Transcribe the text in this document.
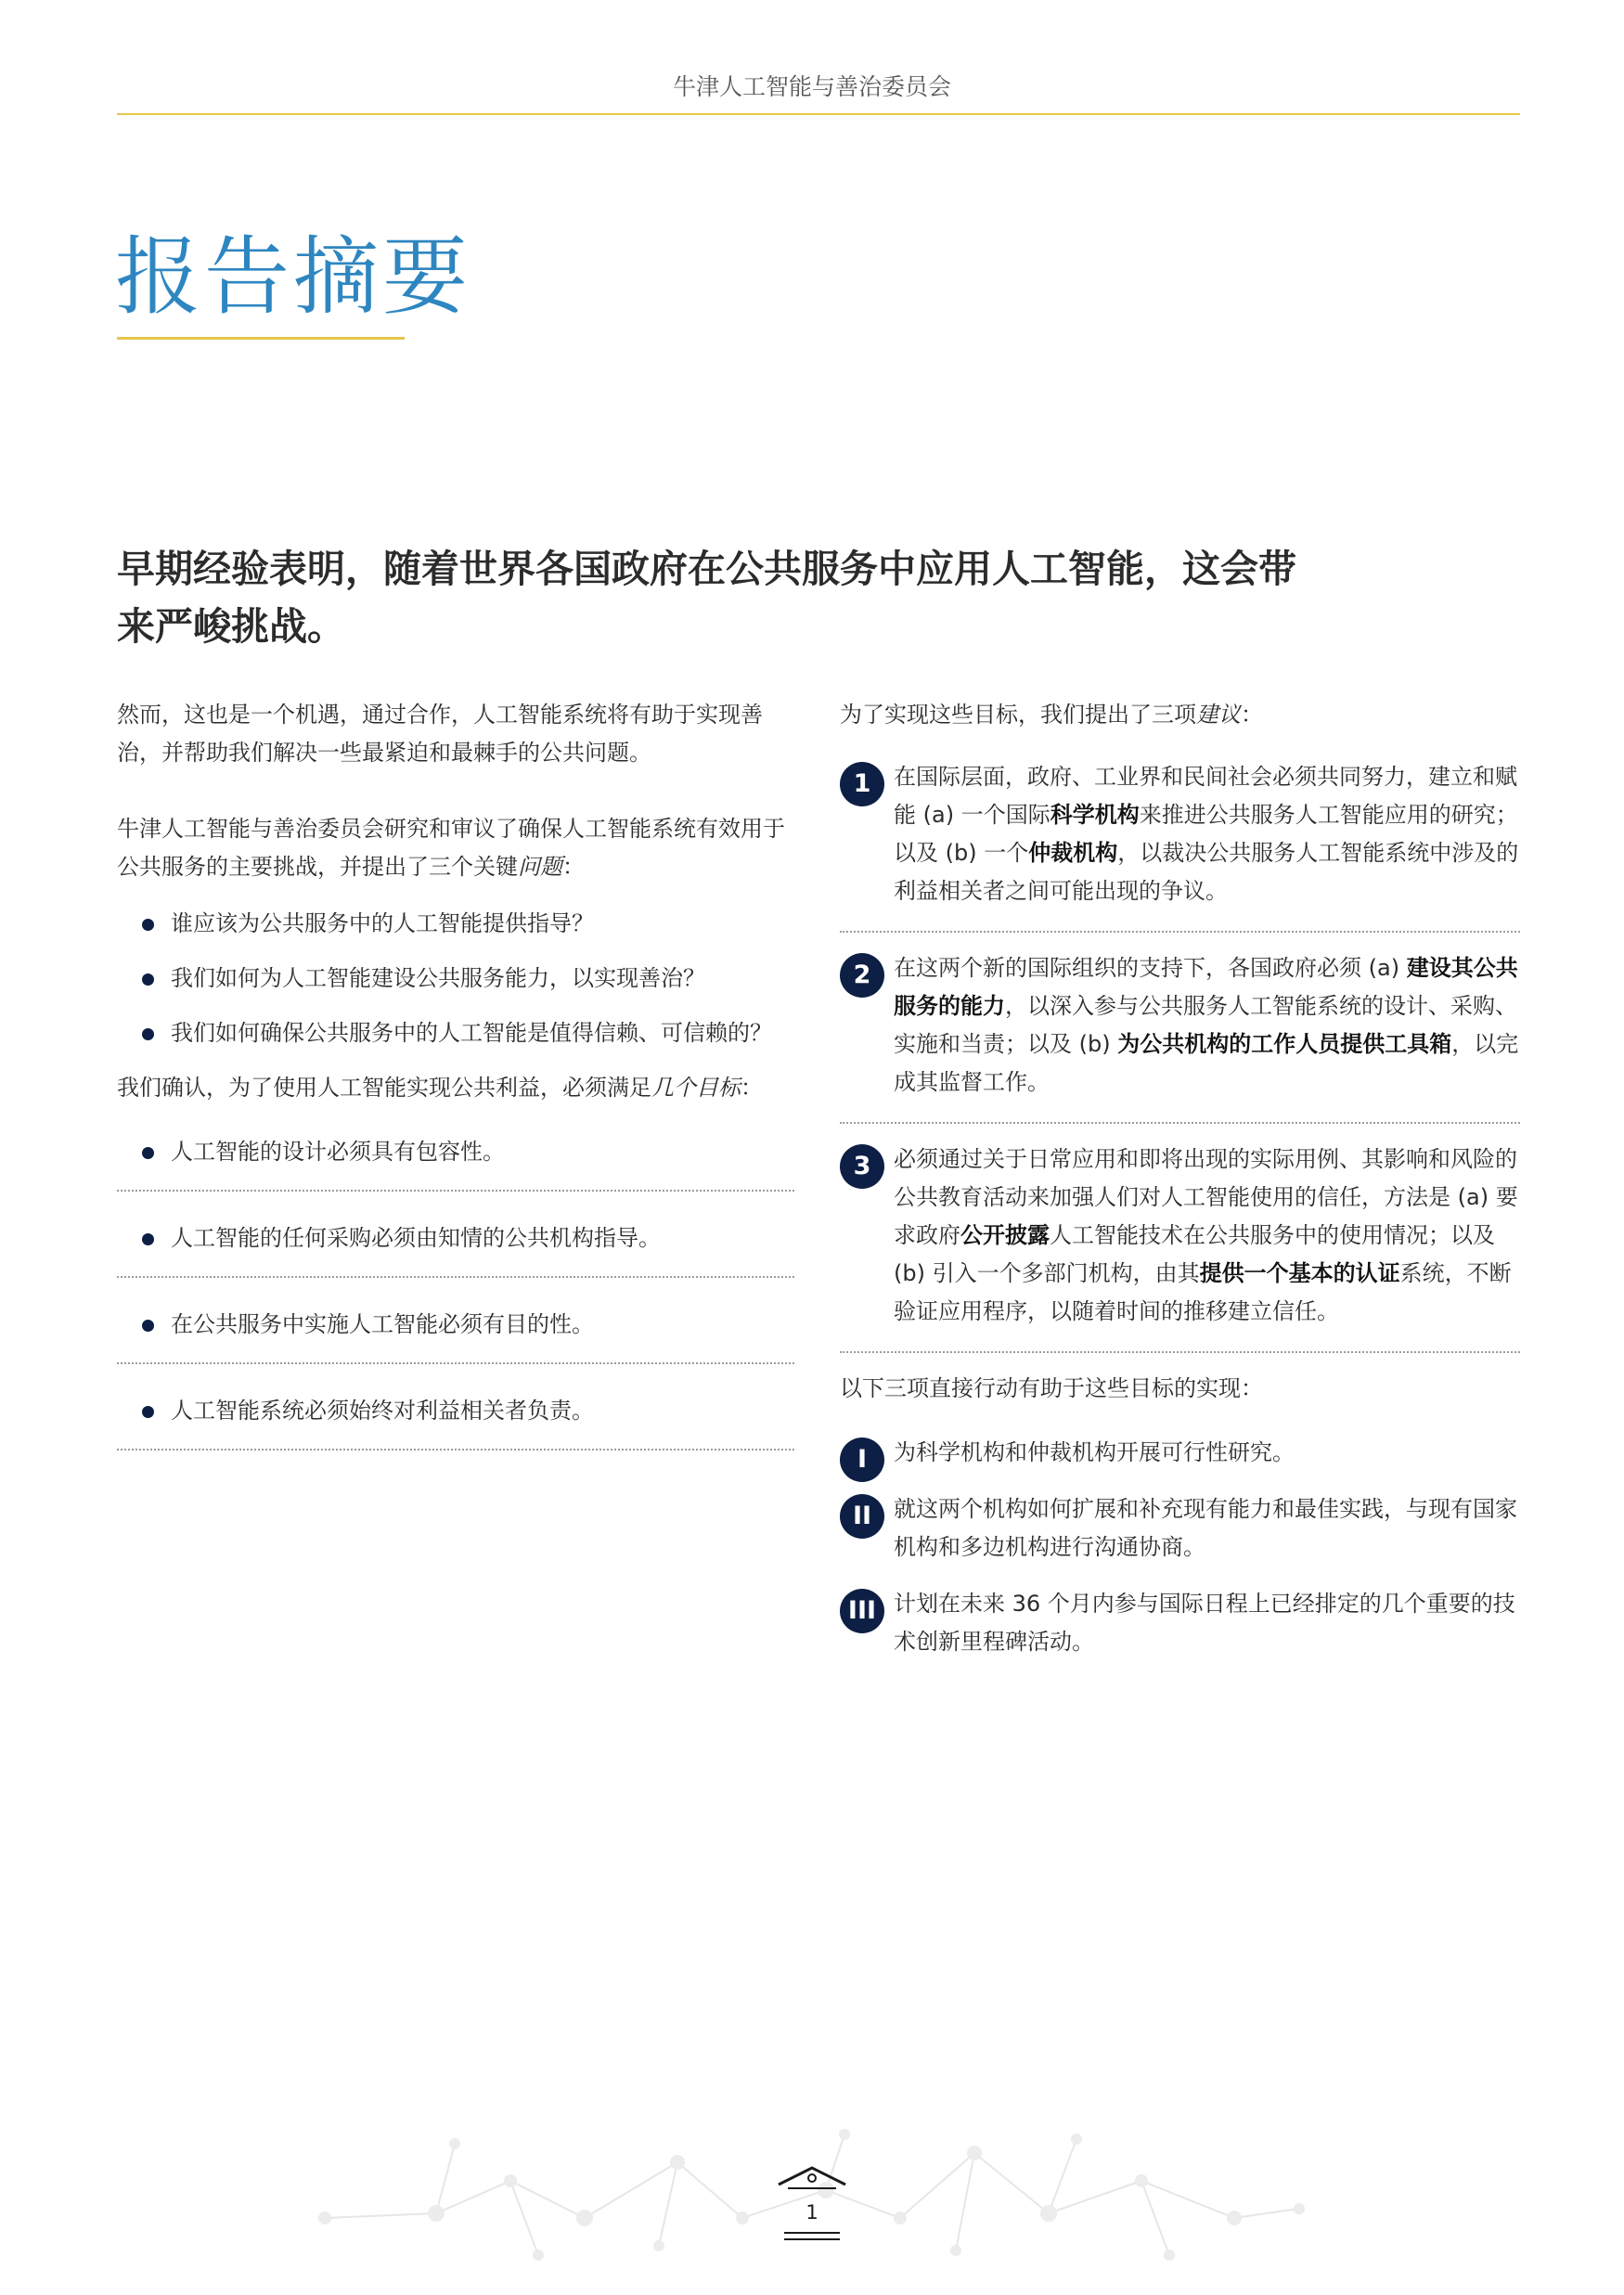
牛津人工智能与善治委员会
报告摘要

早期经验表明，随着世界各国政府在公共服务中应用人工智能，这会带来严峻挑战。

然而，这也是一个机遇，通过合作，人工智能系统将有助于实现善治，并帮助我们解决一些最紧迫和最棘手的公共问题。

牛津人工智能与善治委员会研究和审议了确保人工智能系统有效用于公共服务的主要挑战，并提出了三个关键问题：

谁应该为公共服务中的人工智能提供指导？
我们如何为人工智能建设公共服务能力，以实现善治？
我们如何确保公共服务中的人工智能是值得信赖、可信赖的？

我们确认，为了使用人工智能实现公共利益，必须满足几个目标：

人工智能的设计必须具有包容性。
人工智能的任何采购必须由知情的公共机构指导。
在公共服务中实施人工智能必须有目的性。
人工智能系统必须始终对利益相关者负责。

为了实现这些目标，我们提出了三项建议：

1	在国际层面，政府、工业界和民间社会必须共同努力，建立和赋能 (a) 一个国际科学机构来推进公共服务人工智能应用的研究；以及 (b) 一个仲裁机构，以裁决公共服务人工智能系统中涉及的利益相关者之间可能出现的争议。

2	在这两个新的国际组织的支持下，各国政府必须 (a) 建设其公共服务的能力，以深入参与公共服务人工智能系统的设计、采购、实施和当责；以及 (b) 为公共机构的工作人员提供工具箱，以完成其监督工作。

3	必须通过关于日常应用和即将出现的实际用例、其影响和风险的公共教育活动来加强人们对人工智能使用的信任，方法是 (a) 要求政府公开披露人工智能技术在公共服务中的使用情况；以及 (b) 引入一个多部门机构，由其提供一个基本的认证系统，不断验证应用程序，以随着时间的推移建立信任。

以下三项直接行动有助于这些目标的实现：

I	为科学机构和仲裁机构开展可行性研究。

II 就这两个机构如何扩展和补充现有能力和最佳实践，与现有国家机构和多边机构进行沟通协商。

III 计划在未来 36 个月内参与国际日程上已经排定的几个重要的技术创新里程碑活动。

1
